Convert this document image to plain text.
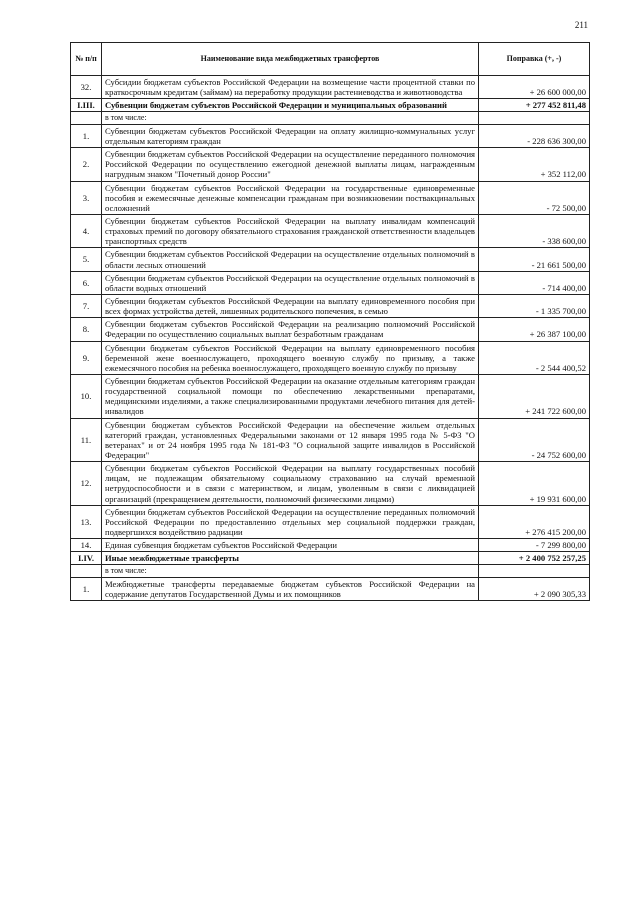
211
№ п/п	Наименование вида межбюджетных трансфертов	Поправка (+, -)
32.	Субсидии бюджетам субъектов Российской Федерации на возмещение части процентной ставки по краткосрочным кредитам (займам) на переработку продукции растениеводства и животноводства	+ 26 600 000,00
I.III.	Субвенции бюджетам субъектов Российской Федерации и муниципальных образований	+ 277 452 811,48
	в том числе:	
1.	Субвенции бюджетам субъектов Российской Федерации на оплату жилищно-коммунальных услуг отдельным категориям граждан	- 228 636 300,00
2.	Субвенции бюджетам субъектов Российской Федерации на осуществление переданного полномочия Российской Федерации по осуществлению ежегодной денежной выплаты лицам, награжденным нагрудным знаком "Почетный донор России"	+ 352 112,00
3.	Субвенции бюджетам субъектов Российской Федерации на государственные единовременные пособия и ежемесячные денежные компенсации гражданам при возникновении поствакцинальных осложнений	- 72 500,00
4.	Субвенции бюджетам субъектов Российской Федерации на выплату инвалидам компенсаций страховых премий по договору обязательного страхования гражданской ответственности владельцев транспортных средств	- 338 600,00
5.	Субвенции бюджетам субъектов Российской Федерации на осуществление отдельных полномочий в области лесных отношений	- 21 661 500,00
6.	Субвенции бюджетам субъектов Российской Федерации на осуществление отдельных полномочий в области водных отношений	- 714 400,00
7.	Субвенции бюджетам субъектов Российской Федерации на выплату единовременного пособия при всех формах устройства детей, лишенных родительского попечения, в семью	- 1 335 700,00
8.	Субвенции бюджетам субъектов Российской Федерации на реализацию полномочий Российской Федерации по осуществлению социальных выплат безработным гражданам	+ 26 387 100,00
9.	Субвенции бюджетам субъектов Российской Федерации на выплату единовременного пособия беременной жене военнослужащего, проходящего военную службу по призыву, а также ежемесячного пособия на ребенка военнослужащего, проходящего военную службу по призыву	- 2 544 400,52
10.	Субвенции бюджетам субъектов Российской Федерации на оказание отдельным категориям граждан государственной социальной помощи по обеспечению лекарственными препаратами, медицинскими изделиями, а также специализированными продуктами лечебного питания для детей-инвалидов	+ 241 722 600,00
11.	Субвенции бюджетам субъектов Российской Федерации на обеспечение жильем отдельных категорий граждан, установленных Федеральными законами от 12 января 1995 года № 5-ФЗ "О ветеранах" и от 24 ноября 1995 года № 181-ФЗ "О социальной защите инвалидов в Российской Федерации"	- 24 752 600,00
12.	Субвенции бюджетам субъектов Российской Федерации на выплату государственных пособий лицам, не подлежащим обязательному социальному страхованию на случай временной нетрудоспособности и в связи с материнством, и лицам, уволенным в связи с ликвидацией организаций (прекращением деятельности, полномочий физическими лицами)	+ 19 931 600,00
13.	Субвенции бюджетам субъектов Российской Федерации на осуществление переданных полномочий Российской Федерации по предоставлению отдельных мер социальной поддержки граждан, подвергшихся воздействию радиации	+ 276 415 200,00
14.	Единая субвенция бюджетам субъектов Российской Федерации	- 7 299 800,00
I.IV.	Иные межбюджетные трансферты	+ 2 400 752 257,25
	в том числе:	
1.	Межбюджетные трансферты передаваемые бюджетам субъектов Российской Федерации на содержание депутатов Государственной Думы и их помощников	+ 2 090 305,33
